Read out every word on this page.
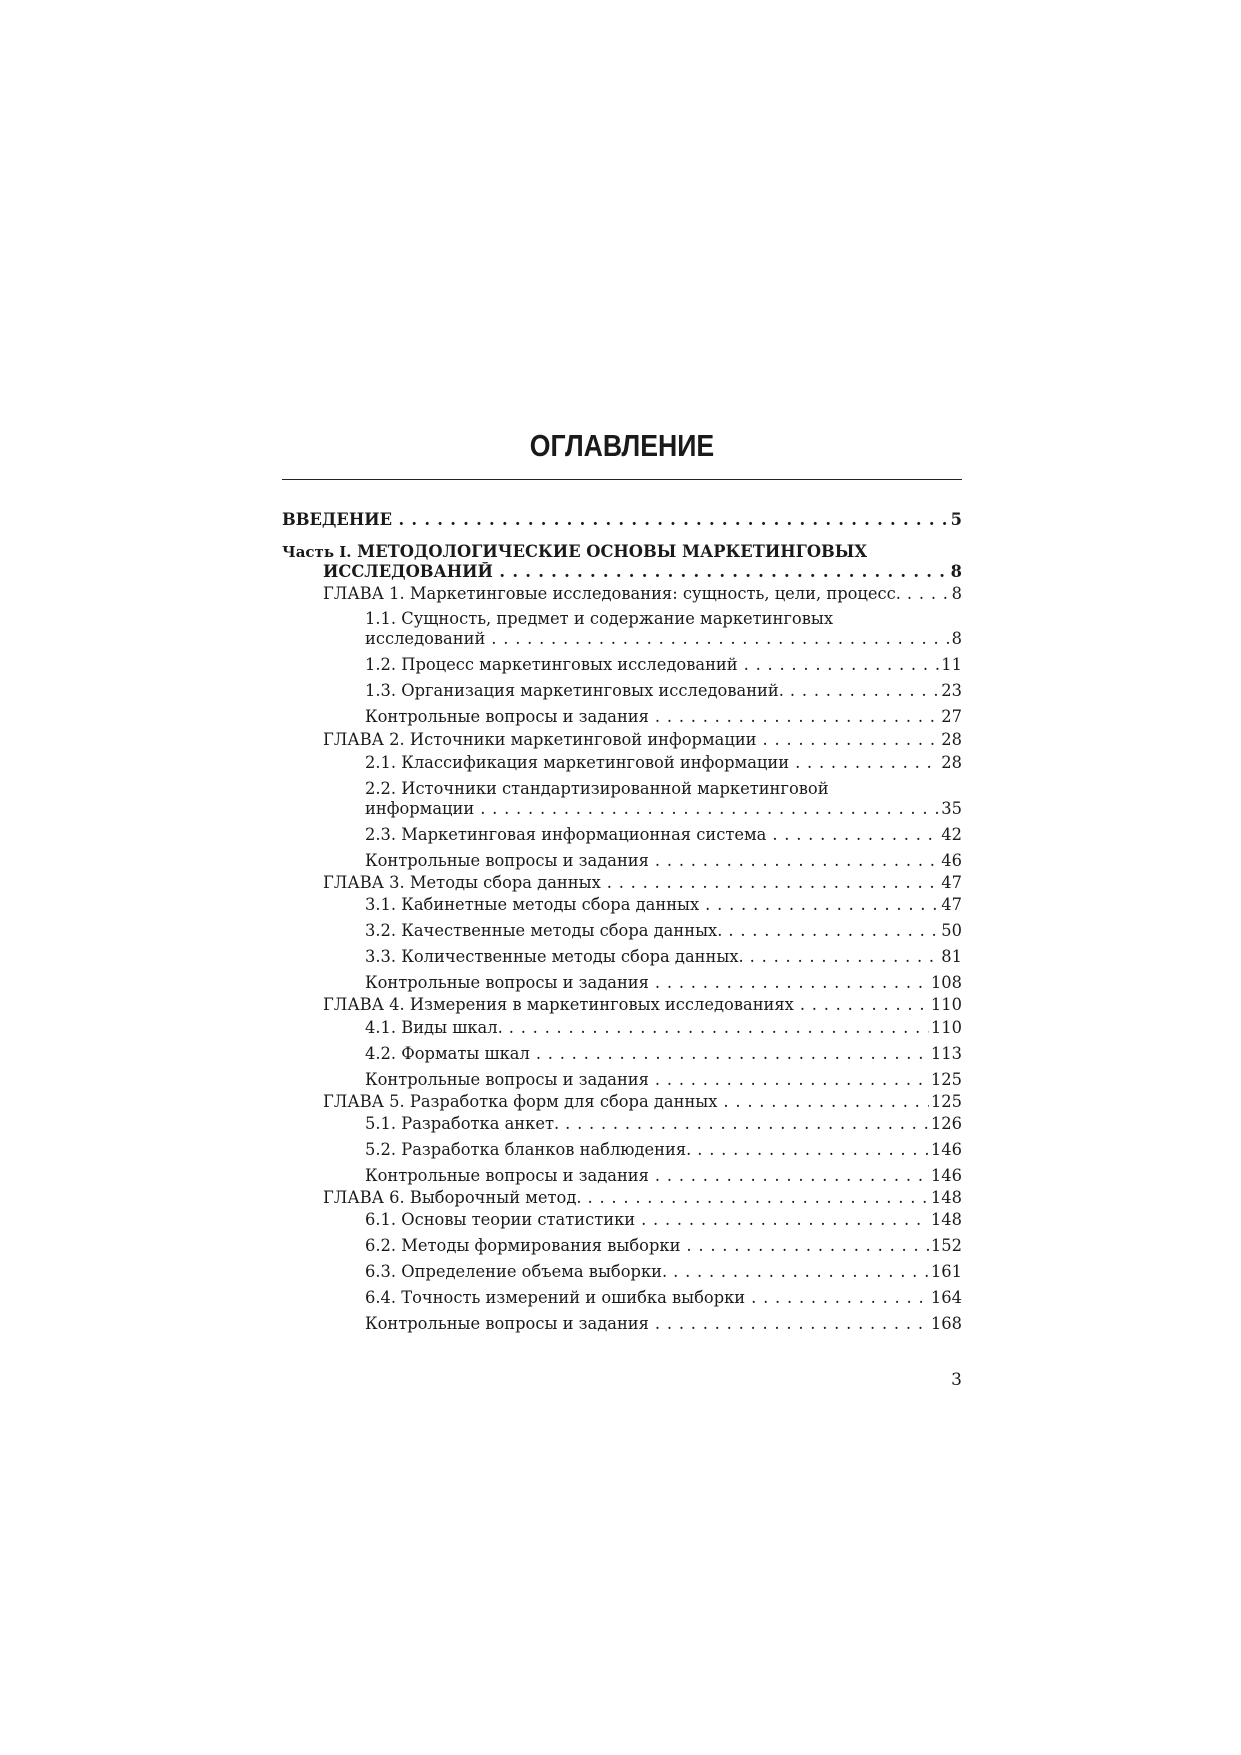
ОГЛАВЛЕНИЕ
ВВЕДЕНИЕ . . .	5
Часть I. МЕТОДОЛОГИЧЕСКИЕ ОСНОВЫ МАРКЕТИНГОВЫХ
ИССЛЕДОВАНИЙ . . .	8
ГЛАВА 1. Маркетинговые исследования: сущность, цели, процесс. . . .	8
1.1. Сущность, предмет и содержание маркетинговых
исследований . . .	8
1.2. Процесс маркетинговых исследований . . .	11
1.3. Организация маркетинговых исследований. . . .	23
Контрольные вопросы и задания . . .	27
ГЛАВА 2. Источники маркетинговой информации . . .	28
2.1. Классификация маркетинговой информации . . .	28
2.2. Источники стандартизированной маркетинговой
информации . . .	35
2.3. Маркетинговая информационная система . . .	42
Контрольные вопросы и задания . . .	46
ГЛАВА 3. Методы сбора данных . . .	47
3.1. Кабинетные методы сбора данных . . .	47
3.2. Качественные методы сбора данных. . . .	50
3.3. Количественные методы сбора данных. . . .	81
Контрольные вопросы и задания . . .	108
ГЛАВА 4. Измерения в маркетинговых исследованиях . . .	110
4.1. Виды шкал. . . .	110
4.2. Форматы шкал . . .	113
Контрольные вопросы и задания . . .	125
ГЛАВА 5. Разработка форм для сбора данных . . .	125
5.1. Разработка анкет. . . .	126
5.2. Разработка бланков наблюдения. . . .	146
Контрольные вопросы и задания . . .	146
ГЛАВА 6. Выборочный метод. . . .	148
6.1. Основы теории статистики . . .	148
6.2. Методы формирования выборки . . .	152
6.3. Определение объема выборки. . . .	161
6.4. Точность измерений и ошибка выборки . . .	164
Контрольные вопросы и задания . . .	168
3
